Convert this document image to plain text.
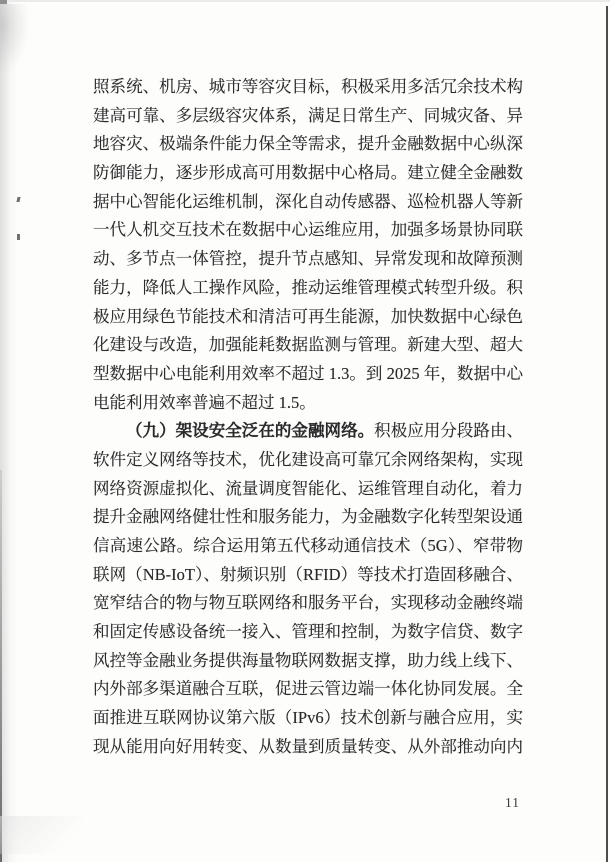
照系统、机房、城市等容灾目标，积极采用多活冗余技术构
建高可靠、多层级容灾体系，满足日常生产、同城灾备、异
地容灾、极端条件能力保全等需求，提升金融数据中心纵深
防御能力，逐步形成高可用数据中心格局。建立健全金融数
据中心智能化运维机制，深化自动传感器、巡检机器人等新
一代人机交互技术在数据中心运维应用，加强多场景协同联
动、多节点一体管控，提升节点感知、异常发现和故障预测
能力，降低人工操作风险，推动运维管理模式转型升级。积
极应用绿色节能技术和清洁可再生能源，加快数据中心绿色
化建设与改造，加强能耗数据监测与管理。新建大型、超大
型数据中心电能利用效率不超过 1.3。到 2025 年，数据中心
电能利用效率普遍不超过 1.5。
（九）架设安全泛在的金融网络。积极应用分段路由、
软件定义网络等技术，优化建设高可靠冗余网络架构，实现
网络资源虚拟化、流量调度智能化、运维管理自动化，着力
提升金融网络健壮性和服务能力，为金融数字化转型架设通
信高速公路。综合运用第五代移动通信技术（5G）、窄带物
联网（NB-IoT）、射频识别（RFID）等技术打造固移融合、
宽窄结合的物与物互联网络和服务平台，实现移动金融终端
和固定传感设备统一接入、管理和控制，为数字信贷、数字
风控等金融业务提供海量物联网数据支撑，助力线上线下、
内外部多渠道融合互联，促进云管边端一体化协同发展。全
面推进互联网协议第六版（IPv6）技术创新与融合应用，实
现从能用向好用转变、从数量到质量转变、从外部推动向内
11
